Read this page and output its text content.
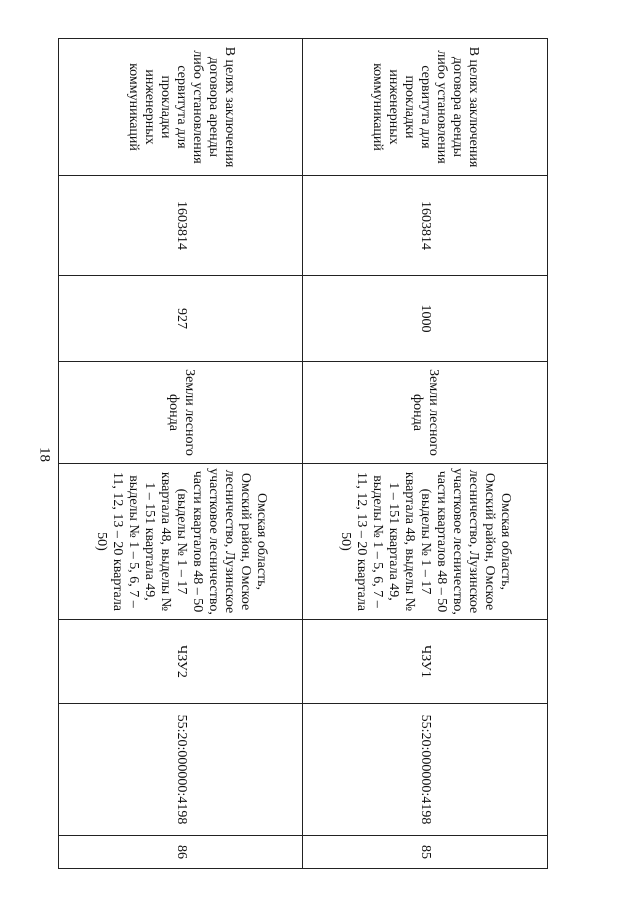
18
В целях заключения договора аренды либо установления сервитута для прокладки инженерных коммуникаций	1603814	1000	Земли лесного фонда	Омская область, Омский район, Омское лесничество, Лузинское участковое лесничество, части кварталов 48 – 50 (выделы № 1 – 17 квартала 48, выделы № 1 – 151 квартала 49, выделы № 1 – 5, 6, 7 – 11, 12, 13 – 20 квартала 50)	ЧЗУ1	55:20:000000:4198	85
В целях заключения договора аренды либо установления сервитута для прокладки инженерных коммуникаций	1603814	927	Земли лесного фонда	Омская область, Омский район, Омское лесничество, Лузинское участковое лесничество, части кварталов 48 – 50 (выделы № 1 – 17 квартала 48, выделы № 1 – 151 квартала 49, выделы № 1 – 5, 6, 7 – 11, 12, 13 – 20 квартала 50)	ЧЗУ2	55:20:000000:4198	86
